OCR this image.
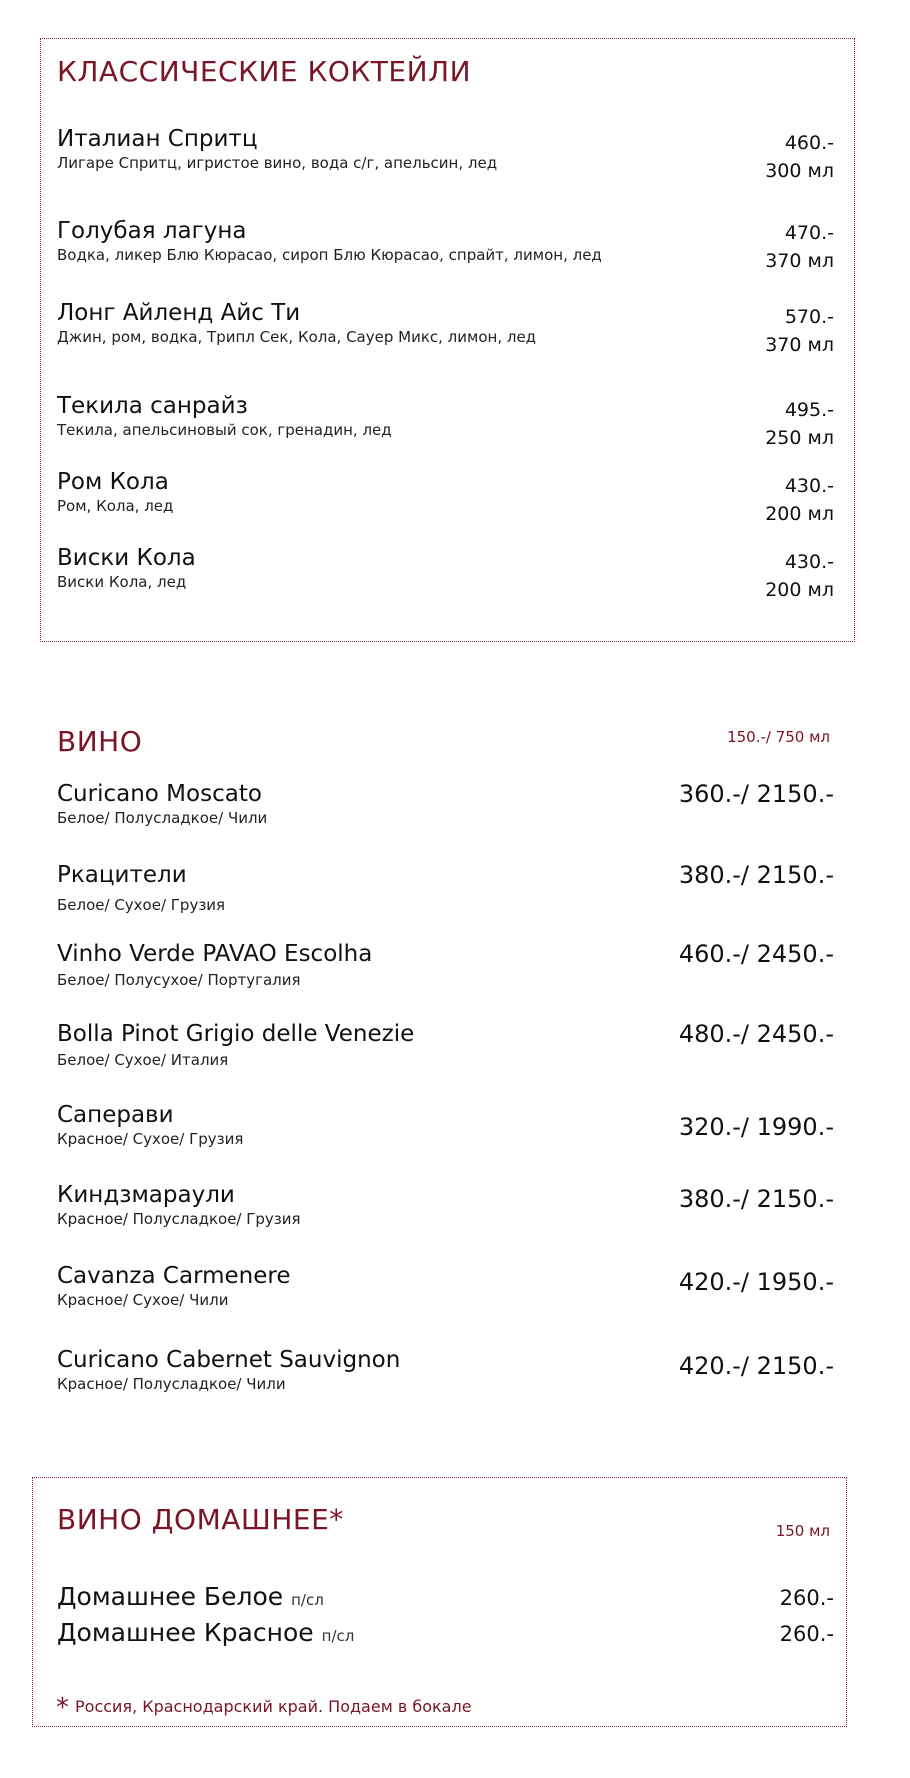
КЛАССИЧЕСКИЕ КОКТЕЙЛИ
Италиан Спритц
Лигаре Спритц, игристое вино, вода с/г, апельсин, лед
460.-
300 мл
Голубая лагуна
Водка, ликер Блю Кюрасао, сироп Блю Кюрасао, спрайт, лимон, лед
470.-
370 мл
Лонг Айленд Айс Ти
Джин, ром, водка, Трипл Сек, Кола, Сауер Микс, лимон, лед
570.-
370 мл
Текила санрайз
Текила, апельсиновый сок, гренадин, лед
495.-
250 мл
Ром Кола
Ром, Кола, лед
430.-
200 мл
Виски Кола
Виски Кола, лед
430.-
200 мл
ВИНО	150.-/ 750 мл
Curicano Moscato
Белое/ Полусладкое/ Чили
360.-/ 2150.-
Ркацители
Белое/ Сухое/ Грузия
380.-/ 2150.-
Vinho Verde PAVAO Escolha
Белое/ Полусухое/ Португалия
460.-/ 2450.-
Bolla Pinot Grigio delle Venezie
Белое/ Сухое/ Италия
480.-/ 2450.-
Саперави
Красное/ Сухое/ Грузия	320.-/ 1990.-
Киндзмараули
Красное/ Полусладкое/ Грузия
380.-/ 2150.-
Cavanza Carmenere
Красное/ Сухое/ Чили
420.-/ 1950.-
Curicano Cabernet Sauvignon
Красное/ Полусладкое/ Чили
420.-/ 2150.-
ВИНО ДОМАШНЕЕ*	150 мл
Домашнее Белое п/сл	260.-
Домашнее Красное п/сл	260.-
* Россия, Краснодарский край. Подаем в бокале
